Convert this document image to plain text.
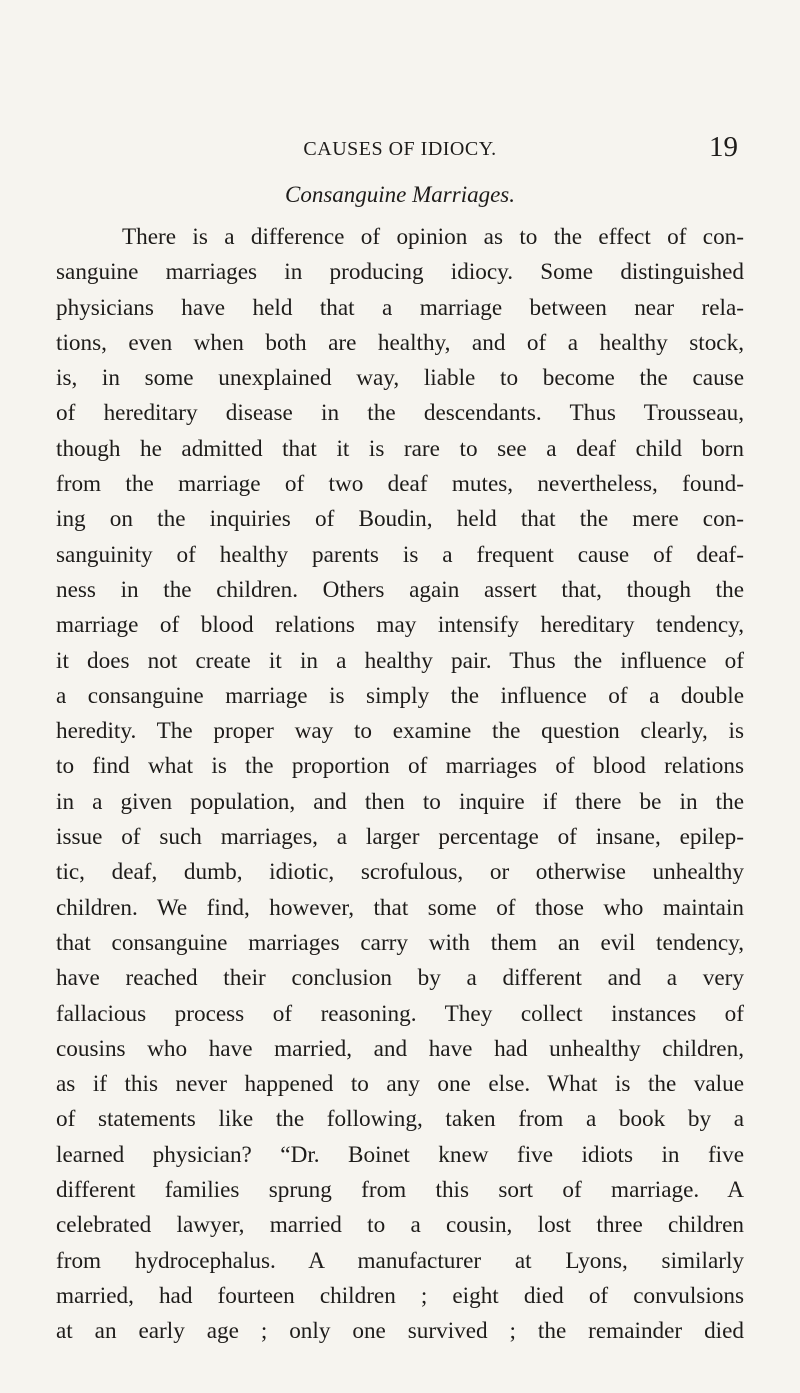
CAUSES OF IDIOCY.	19
Consanguine Marriages.
There is a difference of opinion as to the effect of con-
sanguine marriages in producing idiocy. Some distinguished
physicians have held that a marriage between near rela-
tions, even when both are healthy, and of a healthy stock,
is, in some unexplained way, liable to become the cause
of hereditary disease in the descendants. Thus Trousseau,
though he admitted that it is rare to see a deaf child born
from the marriage of two deaf mutes, nevertheless, found-
ing on the inquiries of Boudin, held that the mere con-
sanguinity of healthy parents is a frequent cause of deaf-
ness in the children. Others again assert that, though the
marriage of blood relations may intensify hereditary tendency,
it does not create it in a healthy pair. Thus the influence of
a consanguine marriage is simply the influence of a double
heredity. The proper way to examine the question clearly, is
to find what is the proportion of marriages of blood relations
in a given population, and then to inquire if there be in the
issue of such marriages, a larger percentage of insane, epilep-
tic, deaf, dumb, idiotic, scrofulous, or otherwise unhealthy
children. We find, however, that some of those who maintain
that consanguine marriages carry with them an evil tendency,
have reached their conclusion by a different and a very
fallacious process of reasoning. They collect instances of
cousins who have married, and have had unhealthy children,
as if this never happened to any one else. What is the value
of statements like the following, taken from a book by a
learned physician? “Dr. Boinet knew five idiots in five
different families sprung from this sort of marriage. A
celebrated lawyer, married to a cousin, lost three children
from hydrocephalus. A manufacturer at Lyons, similarly
married, had fourteen children ; eight died of convulsions
at an early age ; only one survived ; the remainder died
